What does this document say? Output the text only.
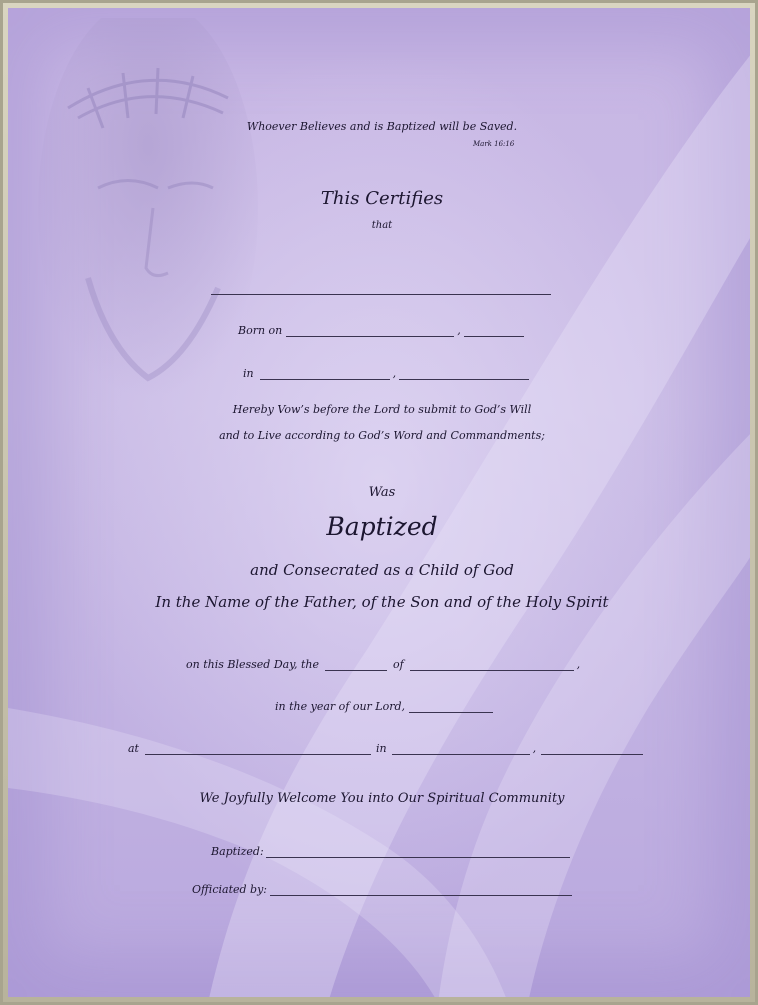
Whoever Believes and is Baptized will be Saved.
Mark 16:16
This Certifies
that
Born on	,
in	,
Hereby Vow’s before the Lord to submit to God’s Will
and to Live according to God’s Word and Commandments;
Was
Baptized
and Consecrated as a Child of God
In the Name of the Father, of the Son and of the Holy Spirit
on this Blessed Day, the	of	,
in the year of our Lord,
at	in	,
We Joyfully Welcome You into Our Spiritual Community
Baptized:
Officiated by:
